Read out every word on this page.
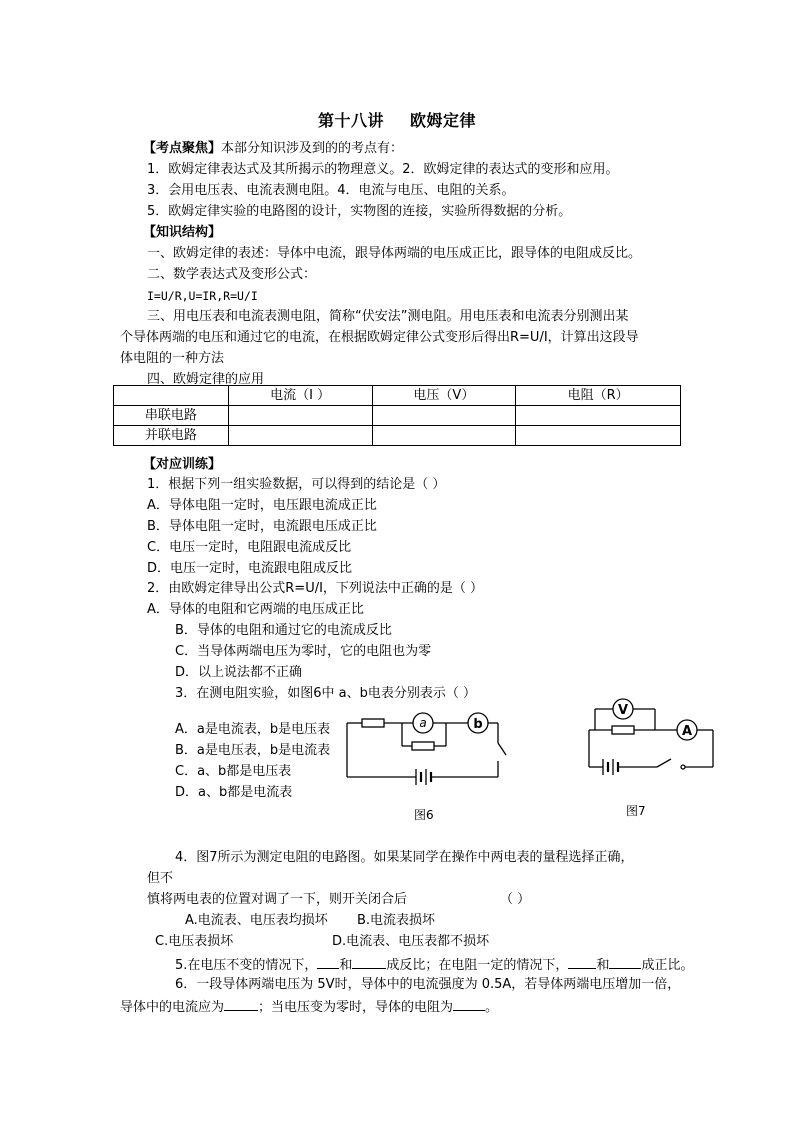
第十八讲 欧姆定律
【考点聚焦】本部分知识涉及到的的考点有：
1．欧姆定律表达式及其所揭示的物理意义。2．欧姆定律的表达式的变形和应用。
3．会用电压表、电流表测电阻。4．电流与电压、电阻的关系。
5．欧姆定律实验的电路图的设计，实物图的连接，实验所得数据的分析。
【知识结构】
一、欧姆定律的表述：导体中电流，跟导体两端的电压成正比，跟导体的电阻成反比。
二、数学表达式及变形公式：
I=U/R,U=IR,R=U/I
三、用电压表和电流表测电阻，简称“伏安法”测电阻。用电压表和电流表分别测出某
个导体两端的电压和通过它的电流，在根据欧姆定律公式变形后得出R=U/I，计算出这段导
体电阻的一种方法
四、欧姆定律的应用
	电流（I ）	电压（V）	电阻（R）
串联电路			
并联电路			
【对应训练】
1．根据下列一组实验数据，可以得到的结论是（ ）
A．导体电阻一定时，电压跟电流成正比
B．导体电阻一定时，电流跟电压成正比
C．电压一定时，电阻跟电流成反比
D．电压一定时，电流跟电阻成反比
2．由欧姆定律导出公式R=U/I，下列说法中正确的是（ ）
A．导体的电阻和它两端的电压成正比
B．导体的电阻和通过它的电流成反比
C．当导体两端电压为零时，它的电阻也为零
D．以上说法都不正确
3．在测电阻实验，如图6中 a、b电表分别表示（ ）
A．a是电流表，b是电压表
B．a是电压表，b是电流表
C．a、b都是电压表
D．a、b都是电流表
a	b
图6
V
A
图7
4．图7所示为测定电阻的电路图。如果某同学在操作中两电表的量程选择正确，
但不
慎将两电表的位置对调了一下，则开关闭合后	（ ）
A.电流表、电压表均损坏 B.电流表损坏
C.电压表损坏	D.电流表、电压表都不损坏
5.在电压不变的情况下， 和	成反比；在电阻一定的情况下， 和 成正比。
6．一段导体两端电压为 5V时，导体中的电流强度为 0.5A，若导体两端电压增加一倍，
导体中的电流应为	；当电压变为零时，导体的电阻为 。
